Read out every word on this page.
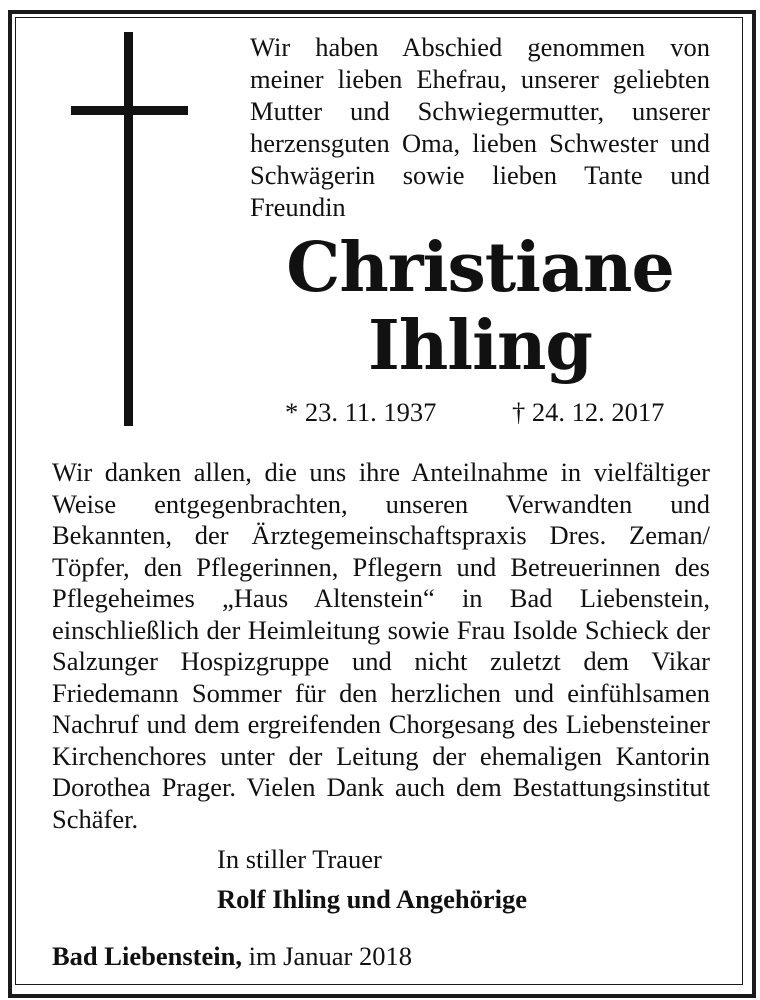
Wir haben Abschied genommen von meiner lieben Ehefrau, unserer geliebten Mutter und Schwiegermutter, unserer herzensguten Oma, lieben Schwester und Schwägerin sowie lieben Tante und Freundin
Christiane
Ihling
* 23. 11. 1937	† 24. 12. 2017
Wir danken allen, die uns ihre Anteilnahme in vielfältiger Weise entgegenbrachten, unseren Verwandten und Bekannten, der Ärztegemeinschaftspraxis Dres. Zeman/ Töpfer, den Pflegerinnen, Pflegern und Betreuerinnen des Pflegeheimes „Haus Altenstein“ in Bad Liebenstein, einschließlich der Heimleitung sowie Frau Isolde Schieck der Salzunger Hospizgruppe und nicht zuletzt dem Vikar Friedemann Sommer für den herzlichen und einfühlsamen Nachruf und dem ergreifenden Chorgesang des Liebensteiner Kirchenchores unter der Leitung der ehemaligen Kantorin Dorothea Prager. Vielen Dank auch dem Bestattungsinstitut Schäfer.
In stiller Trauer
Rolf Ihling und Angehörige
Bad Liebenstein, im Januar 2018
